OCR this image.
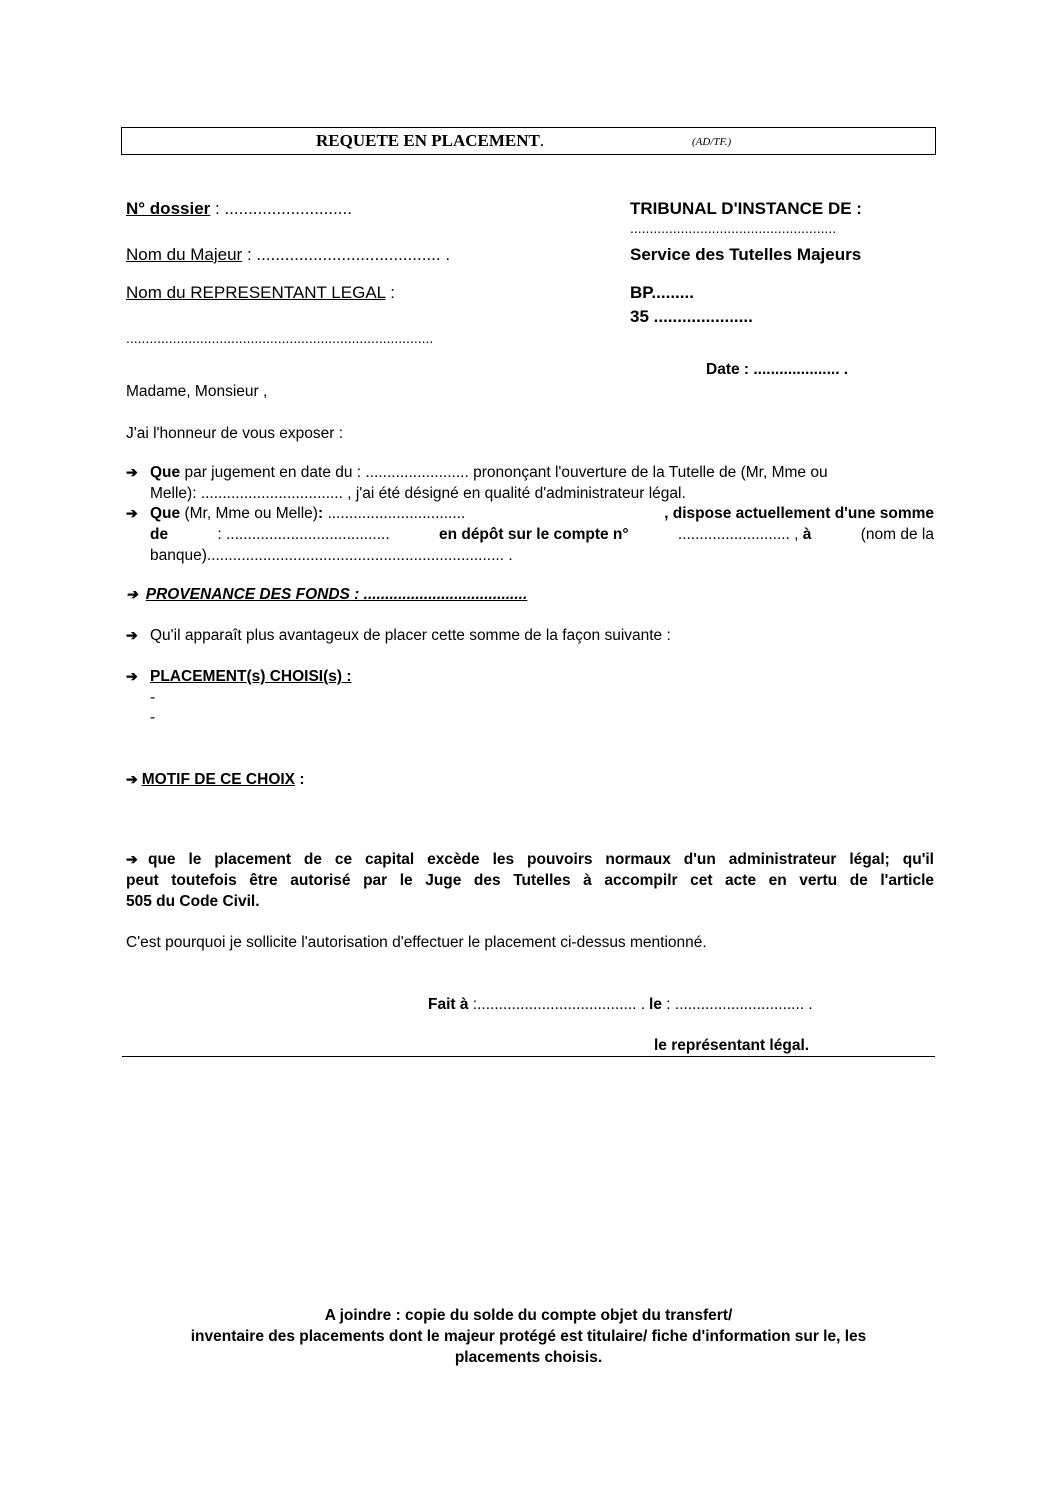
REQUETE EN PLACEMENT.	(AD/TF.)
N° dossier : ...........................
Nom du Majeur : ....................................... .
Nom du REPRESENTANT LEGAL :
...............................................................................
TRIBUNAL D'INSTANCE DE :
.....................................................
Service des Tutelles Majeurs
BP.........
35 .....................
Date : .................... .
Madame, Monsieur ,
J'ai l'honneur de vous exposer :
➔ Que par jugement en date du : ........................ prononçant l'ouverture de la Tutelle de (Mr, Mme ou
Melle): ................................. , j'ai été désigné en qualité d'administrateur légal.
➔ Que (Mr, Mme ou Melle): ................................	, dispose actuellement d'une somme
de	: ......................................	en dépôt sur le compte n°	.......................... , à	(nom de la
banque)..................................................................... .
➔ PROVENANCE DES FONDS : ......................................
➔ Qu'il apparaît plus avantageux de placer cette somme de la façon suivante :
➔ PLACEMENT(s) CHOISI(s) :
-
-
➔ MOTIF DE CE CHOIX :
➔ que le placement de ce capital excède les pouvoirs normaux d'un administrateur légal; qu'il
peut toutefois être autorisé par le Juge des Tutelles à accompilr cet acte en vertu de l'article
505 du Code Civil.
C'est pourquoi je sollicite l'autorisation d'effectuer le placement ci-dessus mentionné.
Fait à :..................................... . le : .............................. .
le représentant légal.
A joindre : copie du solde du compte objet du transfert/
inventaire des placements dont le majeur protégé est titulaire/ fiche d'information sur le, les
placements choisis.
